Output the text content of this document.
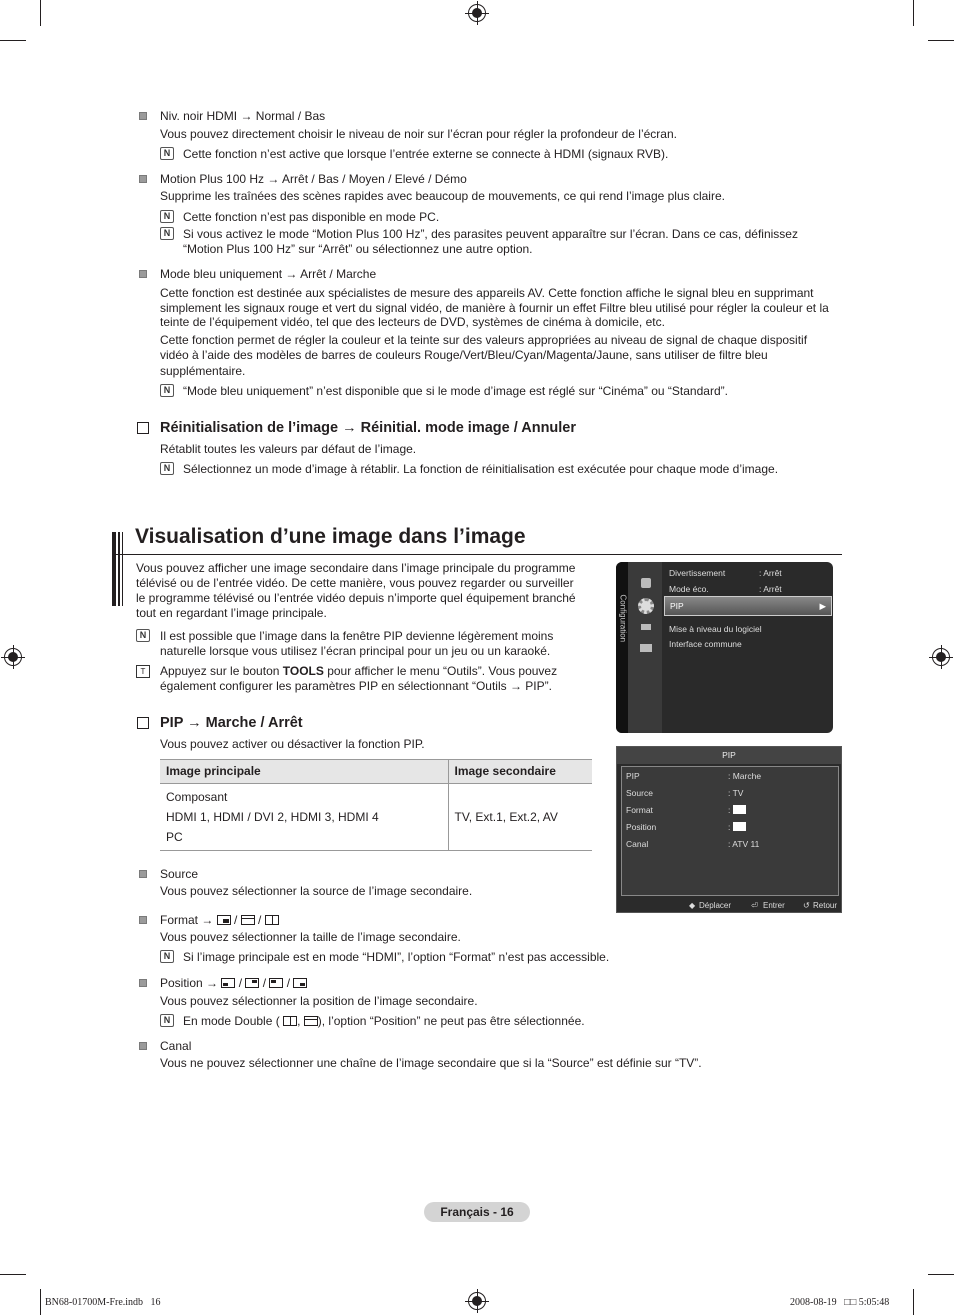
Niv. noir HDMI → Normal / Bas
Vous pouvez directement choisir le niveau de noir sur l’écran pour régler la profondeur de l’écran.
N	Cette fonction n’est active que lorsque l’entrée externe se connecte à HDMI (signaux RVB).
Motion Plus 100 Hz → Arrêt / Bas / Moyen / Elevé / Démo
Supprime les traînées des scènes rapides avec beaucoup de mouvements, ce qui rend l’image plus claire.
N	Cette fonction n’est pas disponible en mode PC.
N	Si vous activez le mode “Motion Plus 100 Hz”, des parasites peuvent apparaître sur l’écran. Dans ce cas, définissez
“Motion Plus 100 Hz” sur “Arrêt” ou sélectionnez une autre option.
Mode bleu uniquement → Arrêt / Marche
Cette fonction est destinée aux spécialistes de mesure des appareils AV. Cette fonction affiche le signal bleu en supprimant
simplement les signaux rouge et vert du signal vidéo, de manière à fournir un effet Filtre bleu utilisé pour régler la couleur et la
teinte de l’équipement vidéo, tel que des lecteurs de DVD, systèmes de cinéma à domicile, etc.
Cette fonction permet de régler la couleur et la teinte sur des valeurs appropriées au niveau de signal de chaque dispositif
vidéo à l’aide des modèles de barres de couleurs Rouge/Vert/Bleu/Cyan/Magenta/Jaune, sans utiliser de filtre bleu
supplémentaire.
N	“Mode bleu uniquement” n’est disponible que si le mode d’image est réglé sur “Cinéma” ou “Standard”.
Réinitialisation de l’image → Réinitial. mode image / Annuler
Rétablit toutes les valeurs par défaut de l’image.
N	Sélectionnez un mode d’image à rétablir. La fonction de réinitialisation est exécutée pour chaque mode d’image.
Visualisation d’une image dans l’image
Vous pouvez afficher une image secondaire dans l’image principale du programme
télévisé ou de l’entrée vidéo. De cette manière, vous pouvez regarder ou surveiller
le programme télévisé ou l’entrée vidéo depuis n’importe quel équipement branché
tout en regardant l’image principale.
N	Il est possible que l’image dans la fenêtre PIP devienne légèrement moins
naturelle lorsque vous utilisez l’écran principal pour un jeu ou un karaoké.
T	Appuyez sur le bouton TOOLS pour afficher le menu “Outils”. Vous pouvez
également configurer les paramètres PIP en sélectionnant “Outils → PIP”.
PIP → Marche / Arrêt
Vous pouvez activer ou désactiver la fonction PIP.
Image principale	Image secondaire

Composant
HDMI 1, HDMI / DVI 2, HDMI 3, HDMI 4
PC	TV, Ext.1, Ext.2, AV
Source
Vous pouvez sélectionner la source de l’image secondaire.
Format →
/
/
Vous pouvez sélectionner la taille de l’image secondaire.
N	Si l’image principale est en mode “HDMI”, l’option “Format” n’est pas accessible.
Position →
/
/
/
Vous pouvez sélectionner la position de l’image secondaire.
N	En mode Double ( ,
), l’option “Position” ne peut pas être sélectionnée.
Canal
Vous ne pouvez sélectionner une chaîne de l’image secondaire que si la “Source” est définie sur “TV”.
Configuration
Divertissement	: Arrêt
Mode éco.	: Arrêt
PIP	▶
Mise à niveau du logiciel
Interface commune
PIP
PIP	: Marche
Source	: TV
Format	:
Position	:
Canal	: ATV 11
◆ Déplacer ⏎ Entrer ↺ Retour
Français - 16
BN68-01700M-Fre.indb   16	2008-08-19   □□ 5:05:48
